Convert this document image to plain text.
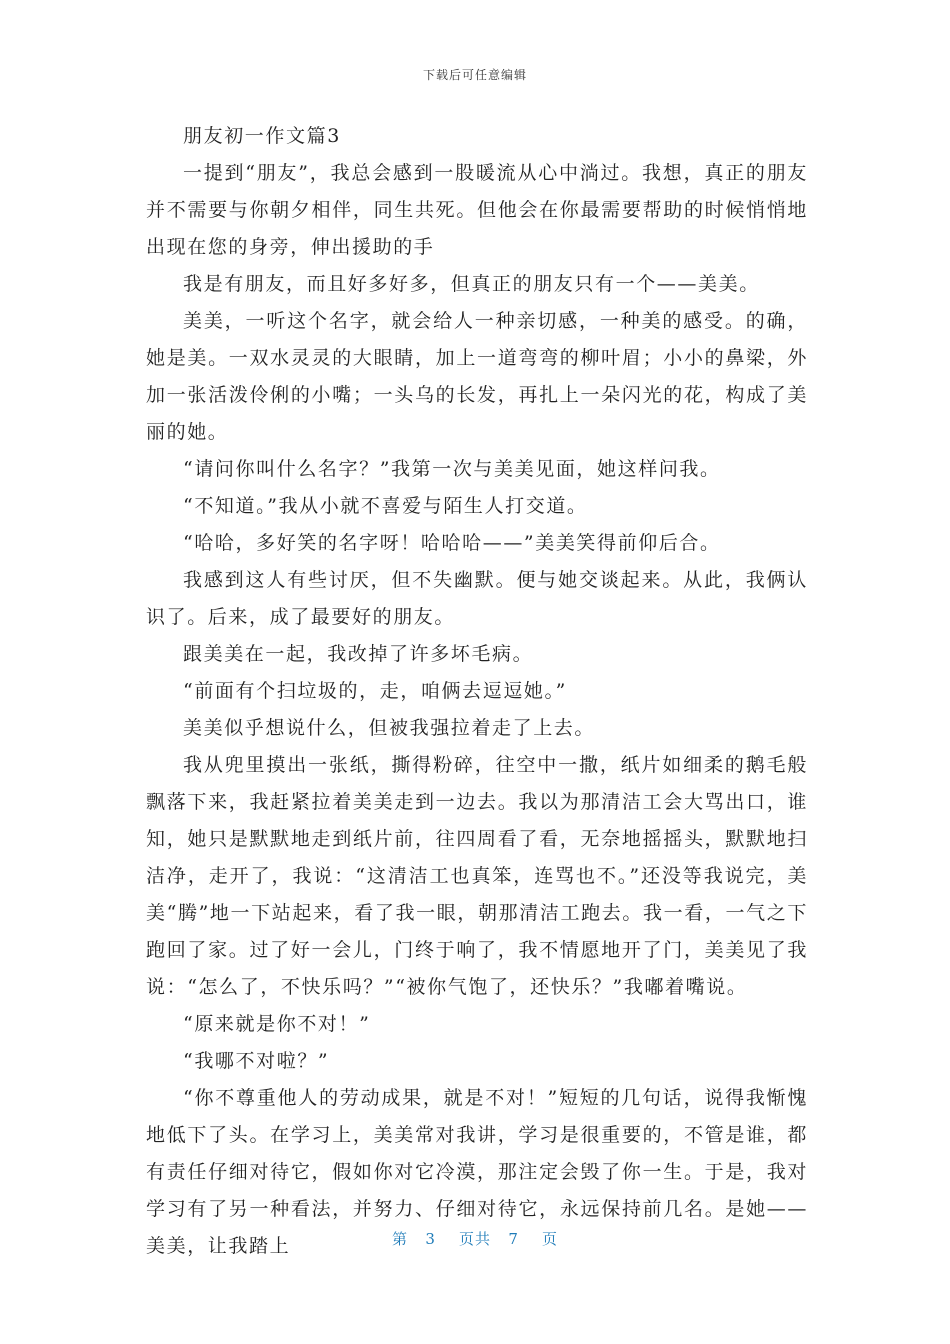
下载后可任意编辑

朋友初一作文篇3

一提到“朋友”，我总会感到一股暖流从心中淌过。我想，真正的朋友并不需要与你朝夕相伴，同生共死。但他会在你最需要帮助的时候悄悄地出现在您的身旁，伸出援助的手

我是有朋友，而且好多好多，但真正的朋友只有一个——美美。

美美，一听这个名字，就会给人一种亲切感，一种美的感受。的确，她是美。一双水灵灵的大眼睛，加上一道弯弯的柳叶眉；小小的鼻梁，外加一张活泼伶俐的小嘴；一头乌的长发，再扎上一朵闪光的花，构成了美丽的她。

“请问你叫什么名字？”我第一次与美美见面，她这样问我。

“不知道。”我从小就不喜爱与陌生人打交道。

“哈哈，多好笑的名字呀！哈哈哈——”美美笑得前仰后合。

我感到这人有些讨厌，但不失幽默。便与她交谈起来。从此，我俩认识了。后来，成了最要好的朋友。

跟美美在一起，我改掉了许多坏毛病。

“前面有个扫垃圾的，走，咱俩去逗逗她。”

美美似乎想说什么，但被我强拉着走了上去。

我从兜里摸出一张纸，撕得粉碎，往空中一撒，纸片如细柔的鹅毛般飘落下来，我赶紧拉着美美走到一边去。我以为那清洁工会大骂出口，谁知，她只是默默地走到纸片前，往四周看了看，无奈地摇摇头，默默地扫洁净，走开了，我说：“这清洁工也真笨，连骂也不。”还没等我说完，美美“腾”地一下站起来，看了我一眼，朝那清洁工跑去。我一看，一气之下跑回了家。过了好一会儿，门终于响了，我不情愿地开了门，美美见了我说：“怎么了，不快乐吗？”“被你气饱了，还快乐？”我嘟着嘴说。

“原来就是你不对！”

“我哪不对啦？”

“你不尊重他人的劳动成果，就是不对！”短短的几句话，说得我惭愧地低下了头。在学习上，美美常对我讲，学习是很重要的，不管是谁，都有责任仔细对待它，假如你对它冷漠，那注定会毁了你一生。于是，我对学习有了另一种看法，并努力、仔细对待它，永远保持前几名。是她——美美，让我踏上	第 3 页共 7 页
